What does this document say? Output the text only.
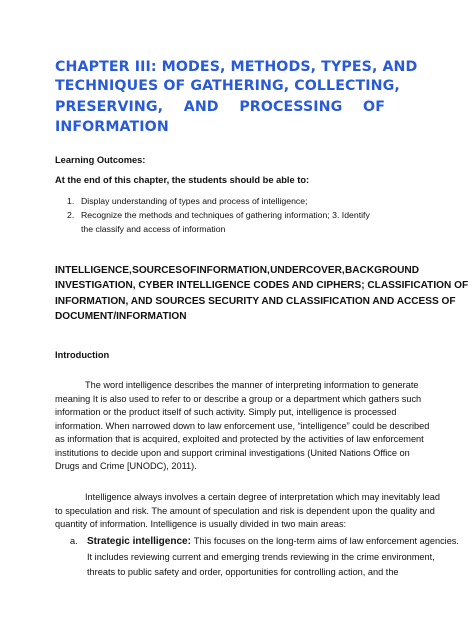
CHAPTER III: MODES, METHODS, TYPES, AND
TECHNIQUES OF GATHERING, COLLECTING,
PRESERVING, AND PROCESSING OF
INFORMATION
Learning Outcomes:
At the end of this chapter, the students should be able to:
1. Display understanding of types and process of intelligence;
2. Recognize the methods and techniques of gathering information; 3. Identify
the classify and access of information
INTELLIGENCE, SOURCES OF INFORMATION, UNDERCOVER, BACKGROUND
INVESTIGATION, CYBER INTELLIGENCE CODES AND CIPHERS; CLASSIFICATION OF
INFORMATION, AND SOURCES SECURITY AND CLASSIFICATION AND ACCESS OF
DOCUMENT/INFORMATION
Introduction
The word intelligence describes the manner of interpreting information to generate
meaning It is also used to refer to or describe a group or a department which gathers such
information or the product itself of such activity. Simply put, intelligence is processed
information. When narrowed down to law enforcement use, “intelligence” could be described
as information that is acquired, exploited and protected by the activities of law enforcement
institutions to decide upon and support criminal investigations (United Nations Office on
Drugs and Crime [UNODC), 2011).
Intelligence always involves a certain degree of interpretation which may inevitably lead
to speculation and risk. The amount of speculation and risk is dependent upon the quality and
quantity of information. Intelligence is usually divided in two main areas:
a. Strategic intelligence: This focuses on the long-term aims of law enforcement agencies.
It includes reviewing current and emerging trends reviewing in the crime environment,
threats to public safety and order, opportunities for controlling action, and the
